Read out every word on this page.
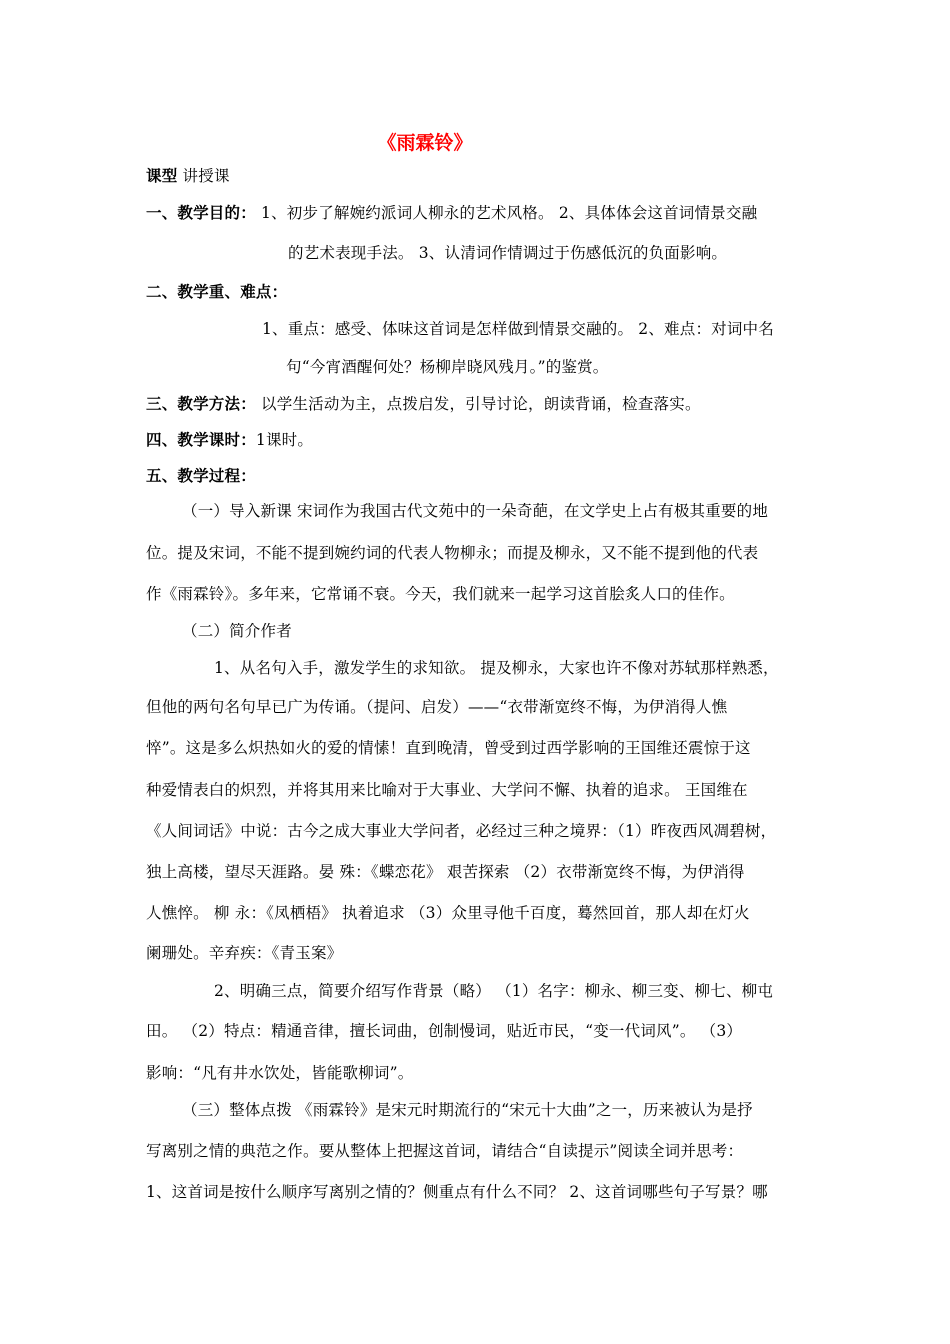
《雨霖铃》
课型 讲授课
一、教学目的： 1、初步了解婉约派词人柳永的艺术风格。 2、具体体会这首词情景交融
的艺术表现手法。 3、认清词作情调过于伤感低沉的负面影响。
二、教学重、难点：
1、重点：感受、体味这首词是怎样做到情景交融的。 2、难点：对词中名
句“今宵酒醒何处？杨柳岸晓风残月。”的鉴赏。
三、教学方法： 以学生活动为主，点拨启发，引导讨论，朗读背诵，检查落实。
四、教学课时：1课时。
五、教学过程：
（一）导入新课 宋词作为我国古代文苑中的一朵奇葩，在文学史上占有极其重要的地
位。提及宋词，不能不提到婉约词的代表人物柳永；而提及柳永，又不能不提到他的代表
作《雨霖铃》。多年来，它常诵不衰。今天，我们就来一起学习这首脍炙人口的佳作。
（二）简介作者
1、从名句入手，激发学生的求知欲。 提及柳永，大家也许不像对苏轼那样熟悉，
但他的两句名句早已广为传诵。（提问、启发）——“衣带渐宽终不悔，为伊消得人憔
悴”。这是多么炽热如火的爱的情愫！直到晚清，曾受到过西学影响的王国维还震惊于这
种爱情表白的炽烈，并将其用来比喻对于大事业、大学问不懈、执着的追求。 王国维在
《人间词话》中说：古今之成大事业大学问者，必经过三种之境界：（1）昨夜西风凋碧树，
独上高楼，望尽天涯路。晏 殊：《蝶恋花》 艰苦探索 （2）衣带渐宽终不悔，为伊消得
人憔悴。 柳 永：《凤栖梧》 执着追求 （3）众里寻他千百度，蓦然回首，那人却在灯火
阑珊处。辛弃疾：《青玉案》
2、明确三点，简要介绍写作背景（略） （1）名字：柳永、柳三变、柳七、柳屯
田。 （2）特点：精通音律，擅长词曲，创制慢词，贴近市民，“变一代词风”。 （3）
影响：“凡有井水饮处，皆能歌柳词”。
（三）整体点拨 《雨霖铃》是宋元时期流行的“宋元十大曲”之一，历来被认为是抒
写离别之情的典范之作。要从整体上把握这首词，请结合“自读提示”阅读全词并思考：
1、这首词是按什么顺序写离别之情的？侧重点有什么不同？ 2、这首词哪些句子写景？哪
